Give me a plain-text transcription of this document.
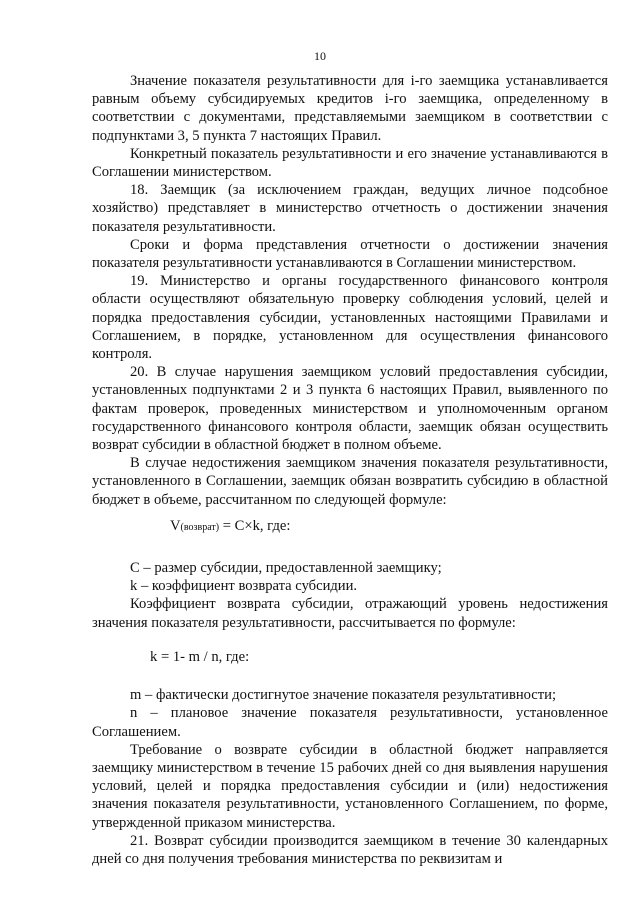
10

Значение показателя результативности для i-го заемщика устанавливается равным объему субсидируемых кредитов i-го заемщика, определенному в соответствии с документами, представляемыми заемщиком в соответствии с подпунктами 3, 5 пункта 7 настоящих Правил.

Конкретный показатель результативности и его значение устанавливаются в Соглашении министерством.

18. Заемщик (за исключением граждан, ведущих личное подсобное хозяйство) представляет в министерство отчетность о достижении значения показателя результативности.

Сроки и форма представления отчетности о достижении значения показателя результативности устанавливаются в Соглашении министерством.

19. Министерство и органы государственного финансового контроля области осуществляют обязательную проверку соблюдения условий, целей и порядка предоставления субсидии, установленных настоящими Правилами и Соглашением, в порядке, установленном для осуществления финансового контроля.

20. В случае нарушения заемщиком условий предоставления субсидии, установленных подпунктами 2 и 3 пункта 6 настоящих Правил, выявленного по фактам проверок, проведенных министерством и уполномоченным органом государственного финансового контроля области, заемщик обязан осуществить возврат субсидии в областной бюджет в полном объеме.

В случае недостижения заемщиком значения показателя результативности, установленного в Соглашении, заемщик обязан возвратить субсидию в областной бюджет в объеме, рассчитанном по следующей формуле:

V(возврат) = C×k, где:

C – размер субсидии, предоставленной заемщику;

k – коэффициент возврата субсидии.

Коэффициент возврата субсидии, отражающий уровень недостижения значения показателя результативности, рассчитывается по формуле:

k = 1- m / n, где:

m – фактически достигнутое значение показателя результативности;

n – плановое значение показателя результативности, установленное Соглашением.

Требование о возврате субсидии в областной бюджет направляется заемщику министерством в течение 15 рабочих дней со дня выявления нарушения условий, целей и порядка предоставления субсидии и (или) недостижения значения показателя результативности, установленного Соглашением, по форме, утвержденной приказом министерства.

21. Возврат субсидии производится заемщиком в течение 30 календарных дней со дня получения требования министерства по реквизитам и
